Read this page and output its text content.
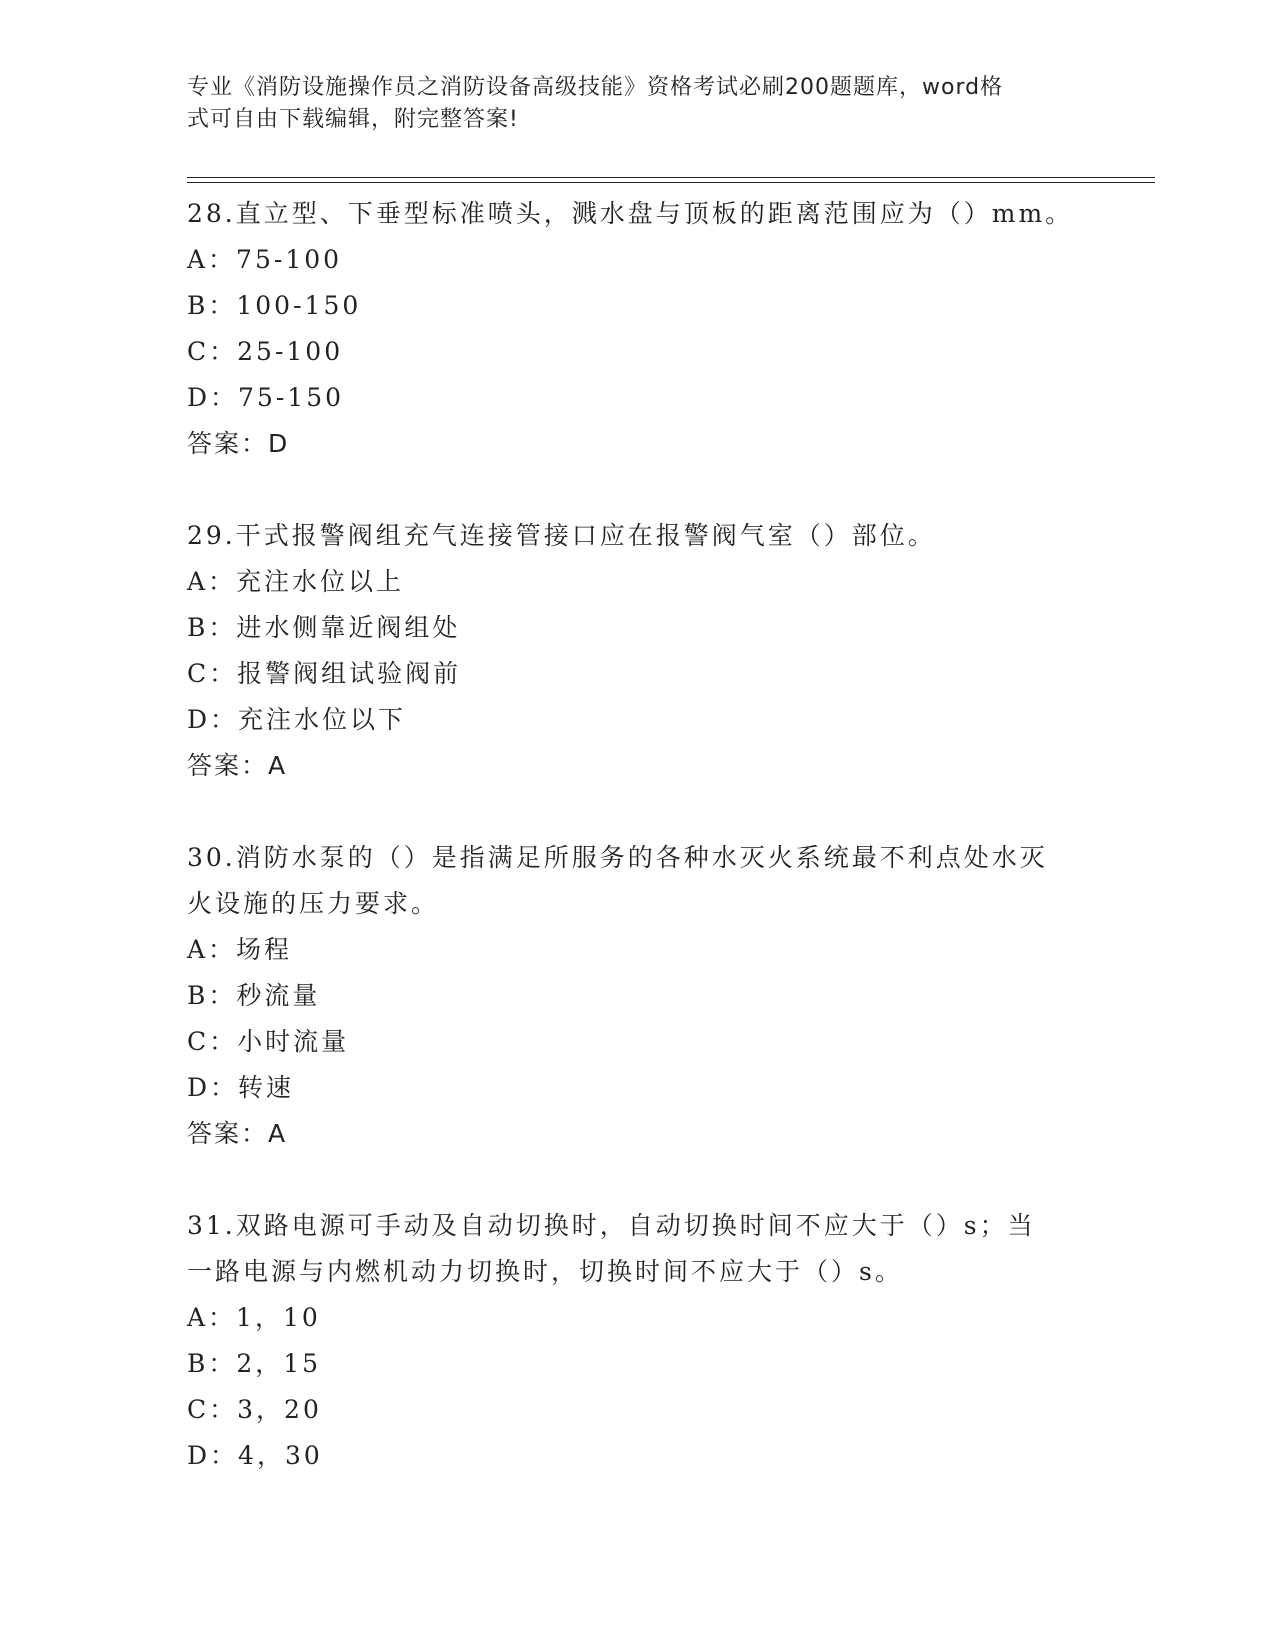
专业《消防设施操作员之消防设备高级技能》资格考试必刷200题题库，word格
式可自由下载编辑，附完整答案!

28.直立型、下垂型标准喷头，溅水盘与顶板的距离范围应为（）mm。

A：75-100

B：100-150

C：25-100

D：75-150

答案：D

29.干式报警阀组充气连接管接口应在报警阀气室（）部位。

A：充注水位以上

B：进水侧靠近阀组处

C：报警阀组试验阀前

D：充注水位以下

答案：A

30.消防水泵的（）是指满足所服务的各种水灭火系统最不利点处水灭
火设施的压力要求。

A：场程

B：秒流量

C：小时流量

D：转速

答案：A

31.双路电源可手动及自动切换时，自动切换时间不应大于（）s；当
一路电源与内燃机动力切换时，切换时间不应大于（）s。

A：1，10

B：2，15

C：3，20

D：4，30
